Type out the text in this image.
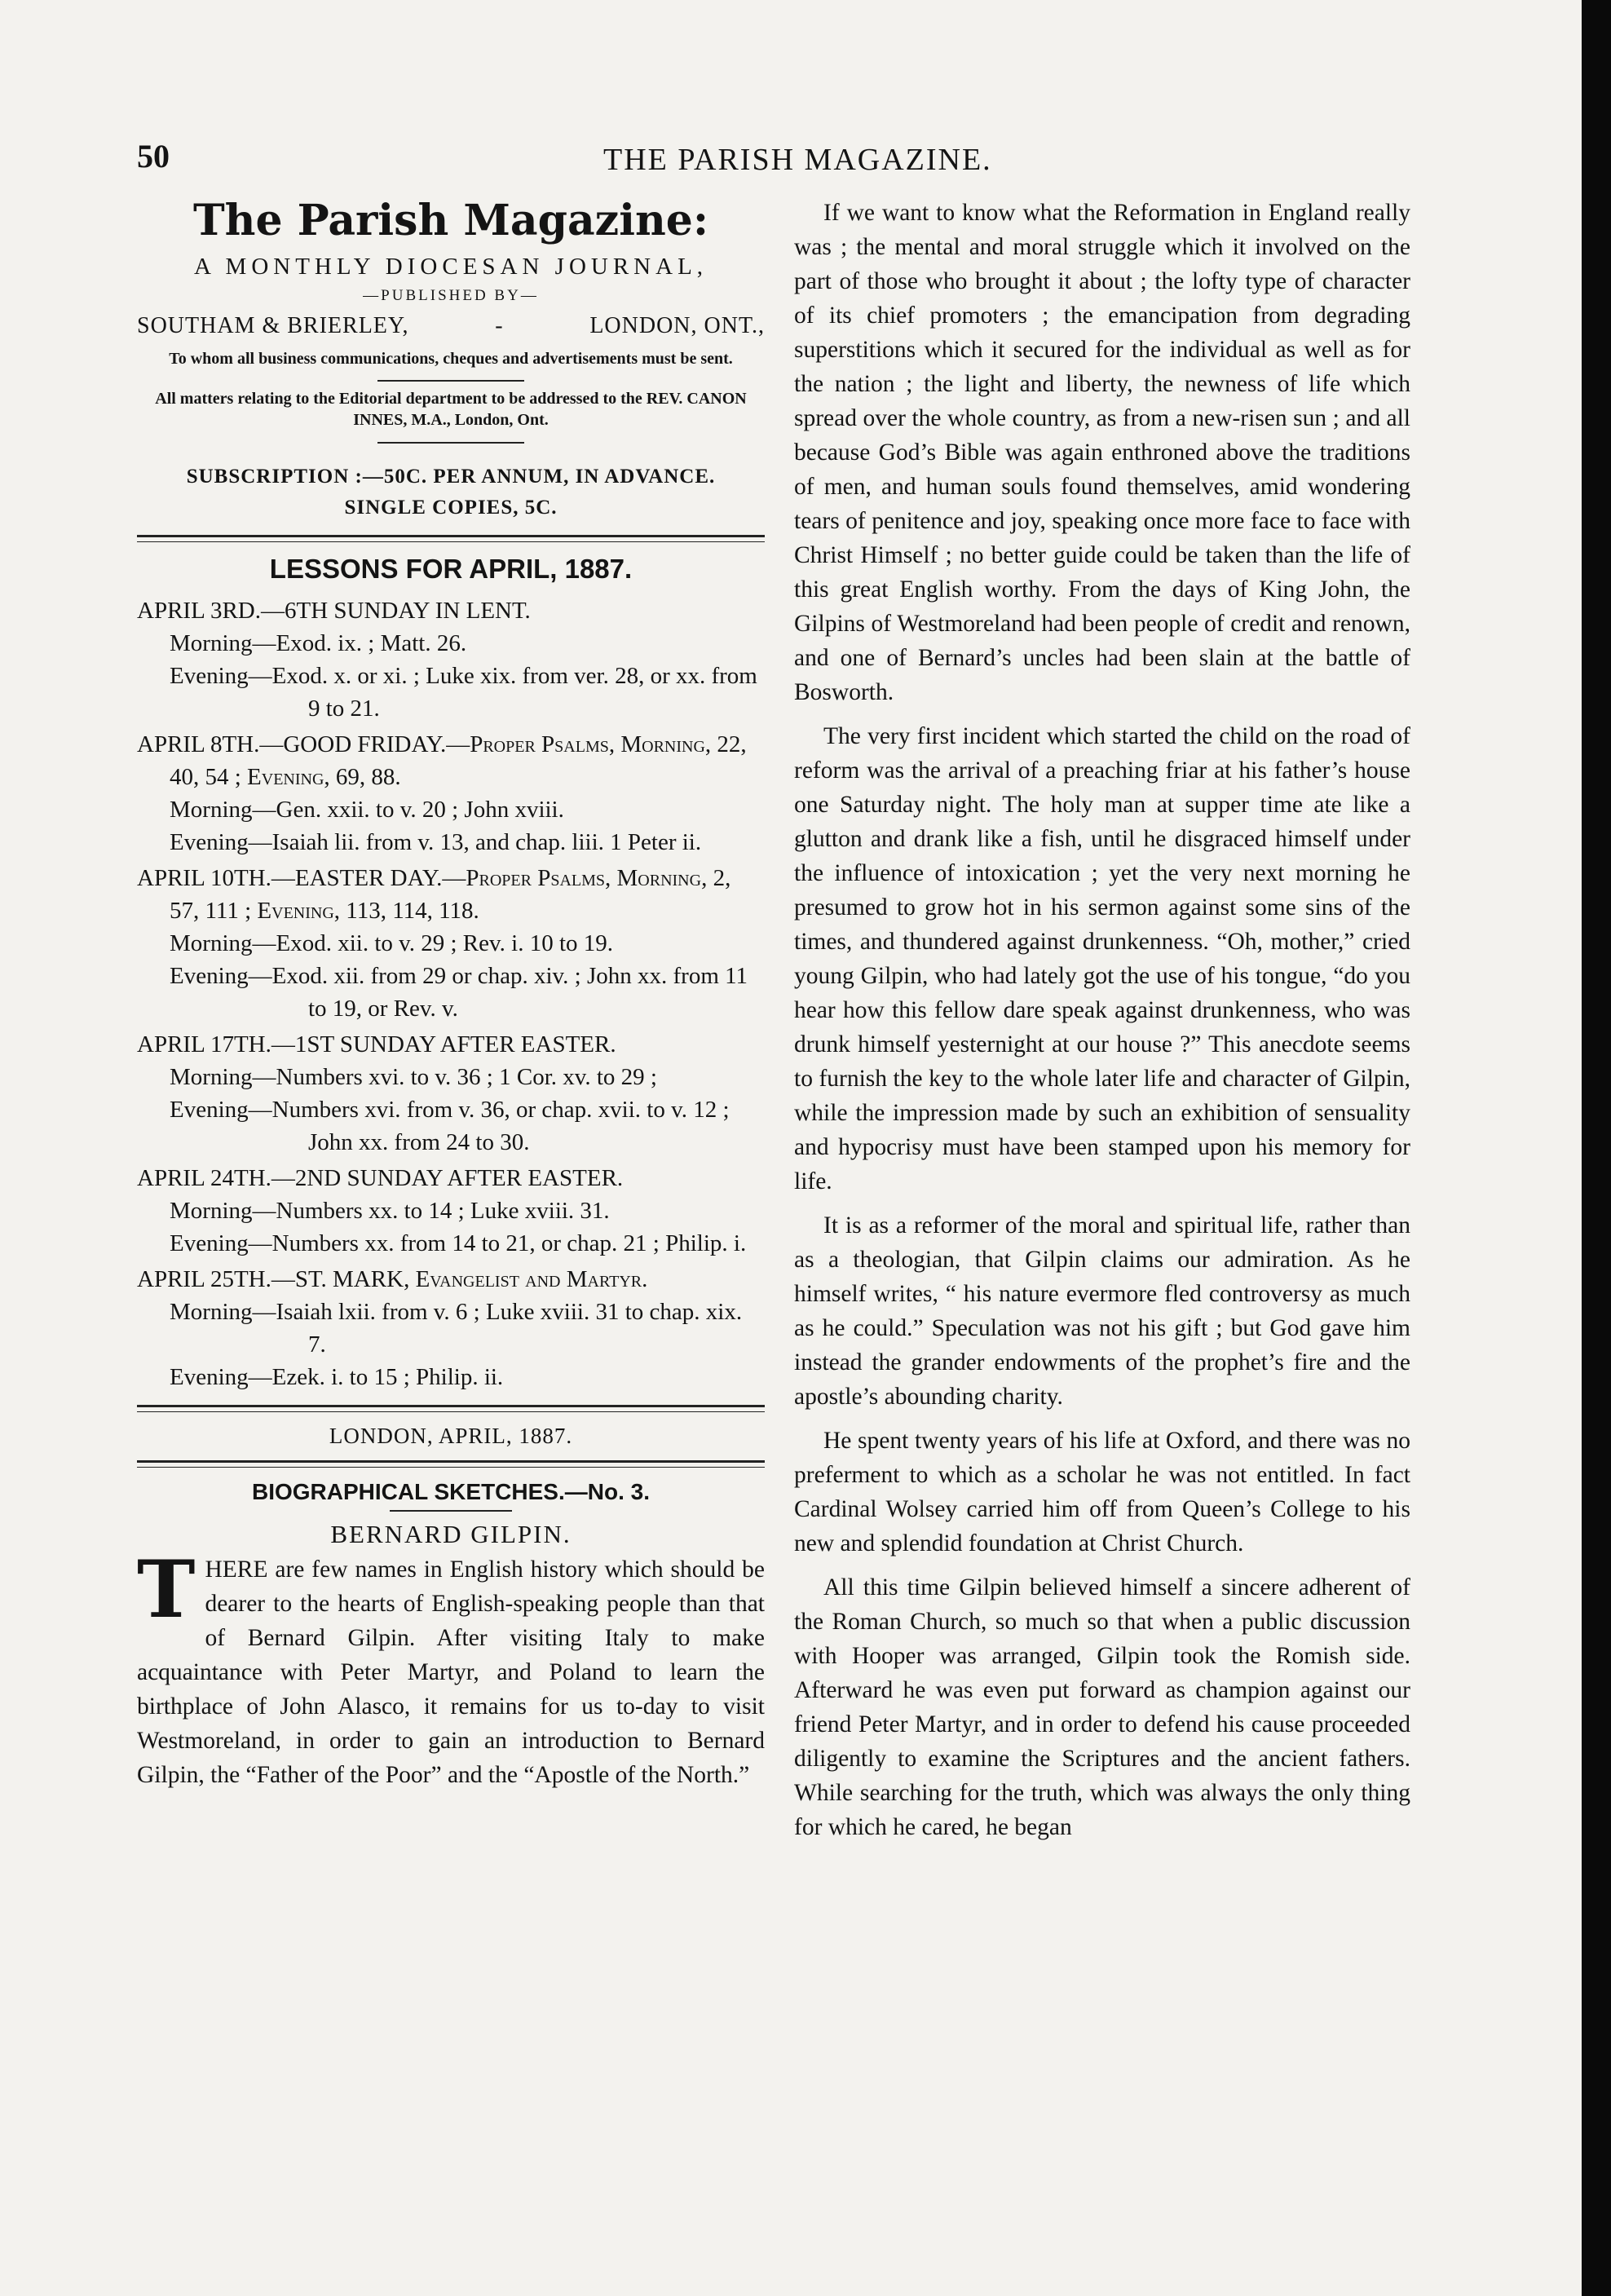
50	THE PARISH MAGAZINE.
The Parish Magazine:
A MONTHLY DIOCESAN JOURNAL,
—PUBLISHED BY—
SOUTHAM & BRIERLEY,	-	LONDON, ONT.,
To whom all business communications, cheques and advertisements must be sent.
All matters relating to the Editorial department to be addressed to the REV. CANON INNES, M.A., London, Ont.
SUBSCRIPTION :—50C. PER ANNUM, IN ADVANCE.
SINGLE COPIES, 5C.
LESSONS FOR APRIL, 1887.
APRIL 3RD.—6TH SUNDAY IN LENT.
Morning—Exod. ix. ; Matt. 26.
Evening—Exod. x. or xi. ; Luke xix. from ver. 28, or xx. from 9 to 21.
APRIL 8TH.—GOOD FRIDAY.—Proper Psalms, Morning, 22, 40, 54 ; Evening, 69, 88.
Morning—Gen. xxii. to v. 20 ; John xviii.
Evening—Isaiah lii. from v. 13, and chap. liii. 1 Peter ii.
APRIL 10TH.—EASTER DAY.—Proper Psalms, Morning, 2, 57, 111 ; Evening, 113, 114, 118.
Morning—Exod. xii. to v. 29 ; Rev. i. 10 to 19.
Evening—Exod. xii. from 29 or chap. xiv. ; John xx. from 11 to 19, or Rev. v.
APRIL 17TH.—1ST SUNDAY AFTER EASTER.
Morning—Numbers xvi. to v. 36 ; 1 Cor. xv. to 29 ;
Evening—Numbers xvi. from v. 36, or chap. xvii. to v. 12 ; John xx. from 24 to 30.
APRIL 24TH.—2ND SUNDAY AFTER EASTER.
Morning—Numbers xx. to 14 ; Luke xviii. 31.
Evening—Numbers xx. from 14 to 21, or chap. 21 ; Philip. i.
APRIL 25TH.—ST. MARK, Evangelist and Martyr.
Morning—Isaiah lxii. from v. 6 ; Luke xviii. 31 to chap. xix. 7.
Evening—Ezek. i. to 15 ; Philip. ii.
LONDON, APRIL, 1887.
BIOGRAPHICAL SKETCHES.—No. 3.
BERNARD GILPIN.
T HERE are few names in English history which should be dearer to the hearts of English-speaking people than that of Bernard Gilpin. After visiting Italy to make acquaintance with Peter Martyr, and Poland to learn the birthplace of John Alasco, it remains for us to-day to visit Westmoreland, in order to gain an introduction to Bernard Gilpin, the “Father of the Poor” and the “Apostle of the North.”

If we want to know what the Reformation in England really was ; the mental and moral struggle which it involved on the part of those who brought it about ; the lofty type of character of its chief promoters ; the emancipation from degrading superstitions which it secured for the individual as well as for the nation ; the light and liberty, the newness of life which spread over the whole country, as from a new-risen sun ; and all because God’s Bible was again enthroned above the traditions of men, and human souls found themselves, amid wondering tears of penitence and joy, speaking once more face to face with Christ Himself ; no better guide could be taken than the life of this great English worthy. From the days of King John, the Gilpins of Westmoreland had been people of credit and renown, and one of Bernard’s uncles had been slain at the battle of Bosworth.

The very first incident which started the child on the road of reform was the arrival of a preaching friar at his father’s house one Saturday night. The holy man at supper time ate like a glutton and drank like a fish, until he disgraced himself under the influence of intoxication ; yet the very next morning he presumed to grow hot in his sermon against some sins of the times, and thundered against drunkenness. “Oh, mother,” cried young Gilpin, who had lately got the use of his tongue, “do you hear how this fellow dare speak against drunkenness, who was drunk himself yesternight at our house ?” This anecdote seems to furnish the key to the whole later life and character of Gilpin, while the impression made by such an exhibition of sensuality and hypocrisy must have been stamped upon his memory for life.

It is as a reformer of the moral and spiritual life, rather than as a theologian, that Gilpin claims our admiration. As he himself writes, “ his nature evermore fled controversy as much as he could.” Speculation was not his gift ; but God gave him instead the grander endowments of the prophet’s fire and the apostle’s abounding charity.

He spent twenty years of his life at Oxford, and there was no preferment to which as a scholar he was not entitled. In fact Cardinal Wolsey carried him off from Queen’s College to his new and splendid foundation at Christ Church.

All this time Gilpin believed himself a sincere adherent of the Roman Church, so much so that when a public discussion with Hooper was arranged, Gilpin took the Romish side. Afterward he was even put forward as champion against our friend Peter Martyr, and in order to defend his cause proceeded diligently to examine the Scriptures and the ancient fathers. While searching for the truth, which was always the only thing for which he cared, he began
